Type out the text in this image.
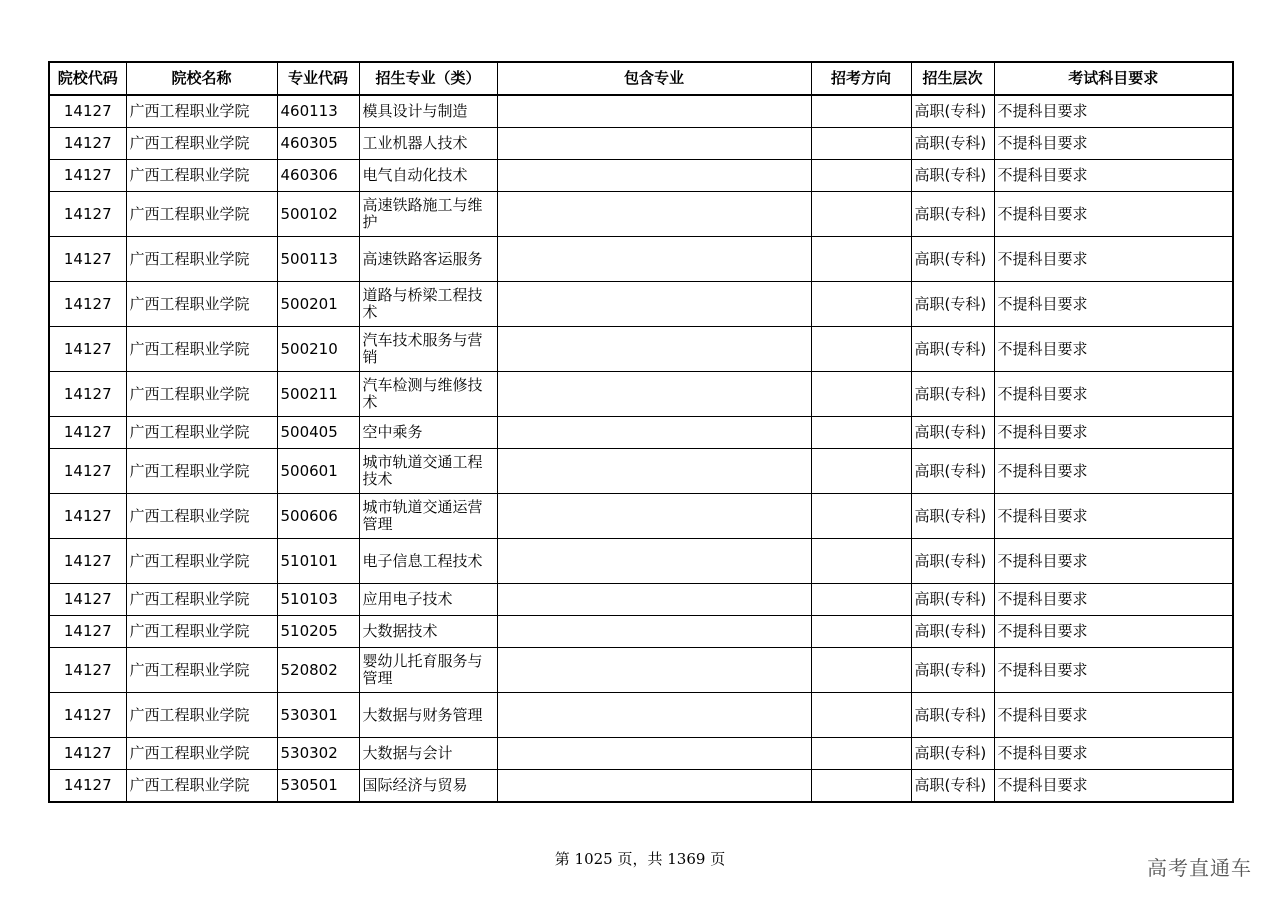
院校代码	院校名称	专业代码	招生专业（类）	包含专业	招考方向	招生层次	考试科目要求
14127	广西工程职业学院	460113	模具设计与制造			高职(专科)	不提科目要求
14127	广西工程职业学院	460305	工业机器人技术			高职(专科)	不提科目要求
14127	广西工程职业学院	460306	电气自动化技术			高职(专科)	不提科目要求
14127	广西工程职业学院	500102	高速铁路施工与维护			高职(专科)	不提科目要求
14127	广西工程职业学院	500113	高速铁路客运服务			高职(专科)	不提科目要求
14127	广西工程职业学院	500201	道路与桥梁工程技术			高职(专科)	不提科目要求
14127	广西工程职业学院	500210	汽车技术服务与营销			高职(专科)	不提科目要求
14127	广西工程职业学院	500211	汽车检测与维修技术			高职(专科)	不提科目要求
14127	广西工程职业学院	500405	空中乘务			高职(专科)	不提科目要求
14127	广西工程职业学院	500601	城市轨道交通工程技术			高职(专科)	不提科目要求
14127	广西工程职业学院	500606	城市轨道交通运营管理			高职(专科)	不提科目要求
14127	广西工程职业学院	510101	电子信息工程技术			高职(专科)	不提科目要求
14127	广西工程职业学院	510103	应用电子技术			高职(专科)	不提科目要求
14127	广西工程职业学院	510205	大数据技术			高职(专科)	不提科目要求
14127	广西工程职业学院	520802	婴幼儿托育服务与管理			高职(专科)	不提科目要求
14127	广西工程职业学院	530301	大数据与财务管理			高职(专科)	不提科目要求
14127	广西工程职业学院	530302	大数据与会计			高职(专科)	不提科目要求
14127	广西工程职业学院	530501	国际经济与贸易			高职(专科)	不提科目要求
第 1025 页，共 1369 页	高考直通车
